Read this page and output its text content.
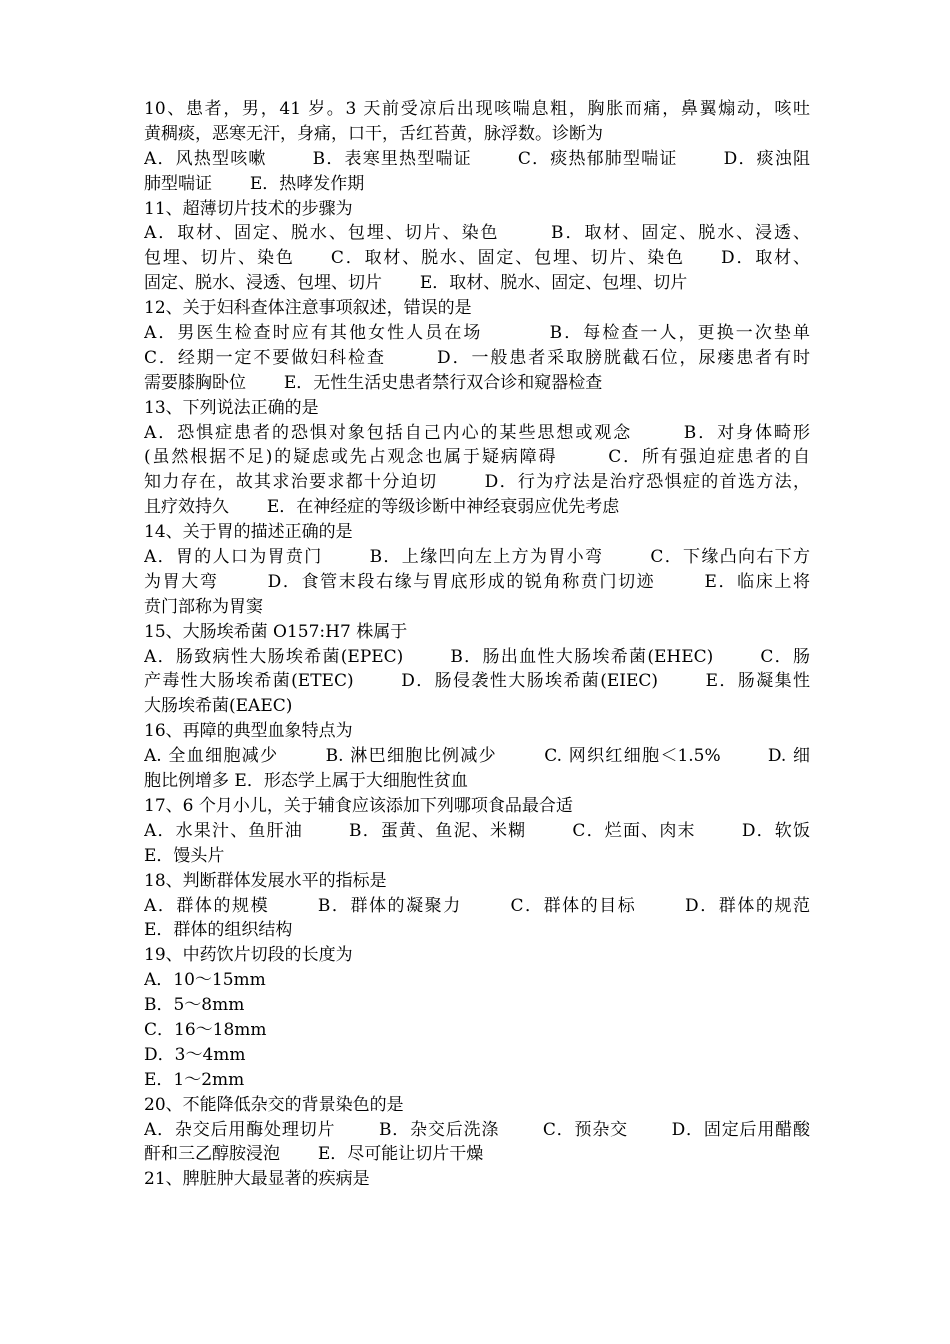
10、患者，男，41 岁。3 天前受凉后出现咳喘息粗，胸胀而痛，鼻翼煽动，咳吐
黄稠痰，恶寒无汗，身痛，口干，舌红苔黄，脉浮数。诊断为
A．风热型咳嗽       B．表寒里热型喘证       C．痰热郁肺型喘证       D．痰浊阻
肺型喘证       E．热哮发作期
11、超薄切片技术的步骤为
A．取材、固定、脱水、包埋、切片、染色       B．取材、固定、脱水、浸透、
包埋、切片、染色     C．取材、脱水、固定、包埋、切片、染色     D．取材、
固定、脱水、浸透、包埋、切片       E．取材、脱水、固定、包埋、切片
12、关于妇科查体注意事项叙述，错误的是
A．男医生检查时应有其他女性人员在场         B．每检查一人，更换一次垫单
C．经期一定不要做妇科检查       D．一般患者采取膀胱截石位，尿瘘患者有时
需要膝胸卧位       E．无性生活史患者禁行双合诊和窥器检查
13、下列说法正确的是
A．恐惧症患者的恐惧对象包括自己内心的某些思想或观念       B．对身体畸形
(虽然根据不足)的疑虑或先占观念也属于疑病障碍       C．所有强迫症患者的自
知力存在，故其求治要求都十分迫切       D．行为疗法是治疗恐惧症的首选方法，
且疗效持久       E．在神经症的等级诊断中神经衰弱应优先考虑
14、关于胃的描述正确的是
A．胃的人口为胃贲门       B．上缘凹向左上方为胃小弯       C．下缘凸向右下方
为胃大弯       D．食管末段右缘与胃底形成的锐角称贲门切迹       E．临床上将
贲门部称为胃窦
15、大肠埃希菌 O157:H7 株属于
A．肠致病性大肠埃希菌(EPEC)       B．肠出血性大肠埃希菌(EHEC)       C．肠
产毒性大肠埃希菌(ETEC)       D．肠侵袭性大肠埃希菌(EIEC)       E．肠凝集性
大肠埃希菌(EAEC)
16、再障的典型血象特点为
A. 全血细胞减少       B. 淋巴细胞比例减少       C. 网织红细胞＜1.5%       D. 细
胞比例增多 E．形态学上属于大细胞性贫血
17、6 个月小儿，关于辅食应该添加下列哪项食品最合适
A．水果汁、鱼肝油       B．蛋黄、鱼泥、米糊       C．烂面、肉末       D．软饭
E．馒头片
18、判断群体发展水平的指标是
A．群体的规模       B．群体的凝聚力       C．群体的目标       D．群体的规范
E．群体的组织结构
19、中药饮片切段的长度为
A．10～15mm
B．5～8mm
C．16～18mm
D．3～4mm
E．1～2mm
20、不能降低杂交的背景染色的是
A．杂交后用酶处理切片       B．杂交后洗涤       C．预杂交       D．固定后用醋酸
酐和三乙醇胺浸泡       E．尽可能让切片干燥
21、脾脏肿大最显著的疾病是
